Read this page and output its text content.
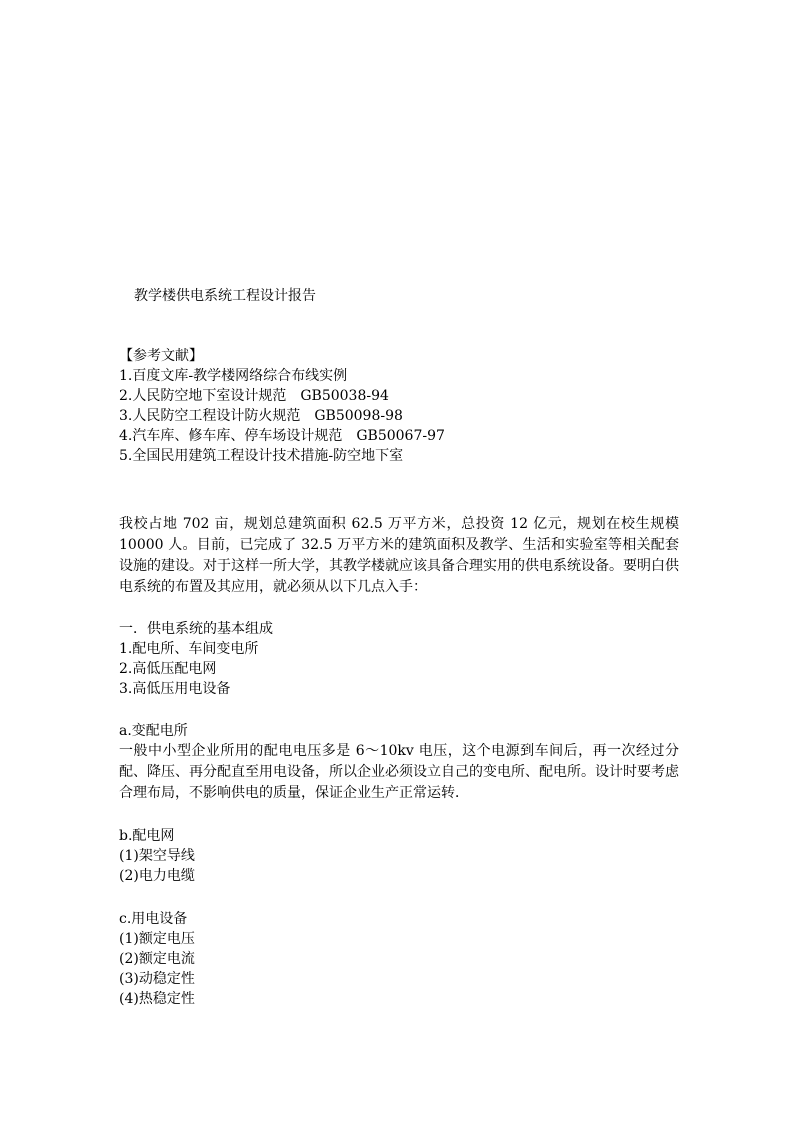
教学楼供电系统工程设计报告
【参考文献】
1.百度文库-教学楼网络综合布线实例
2.人民防空地下室设计规范　GB50038-94
3.人民防空工程设计防火规范　GB50098-98
4.汽车库、修车库、停车场设计规范　GB50067-97
5.全国民用建筑工程设计技术措施-防空地下室
我校占地 702 亩，规划总建筑面积 62.5 万平方米，总投资 12 亿元，规划在校生规模 10000 人。目前，已完成了 32.5 万平方米的建筑面积及教学、生活和实验室等相关配套设施的建设。对于这样一所大学，其教学楼就应该具备合理实用的供电系统设备。要明白供电系统的布置及其应用，就必须从以下几点入手：
一．供电系统的基本组成
1.配电所、车间变电所
2.高低压配电网
3.高低压用电设备
a.变配电所
一般中小型企业所用的配电电压多是 6～10kv 电压，这个电源到车间后，再一次经过分配、降压、再分配直至用电设备，所以企业必须设立自己的变电所、配电所。设计时要考虑合理布局，不影响供电的质量，保证企业生产正常运转．
b.配电网
(1)架空导线
(2)电力电缆
c.用电设备
(1)额定电压
(2)额定电流
(3)动稳定性
(4)热稳定性
